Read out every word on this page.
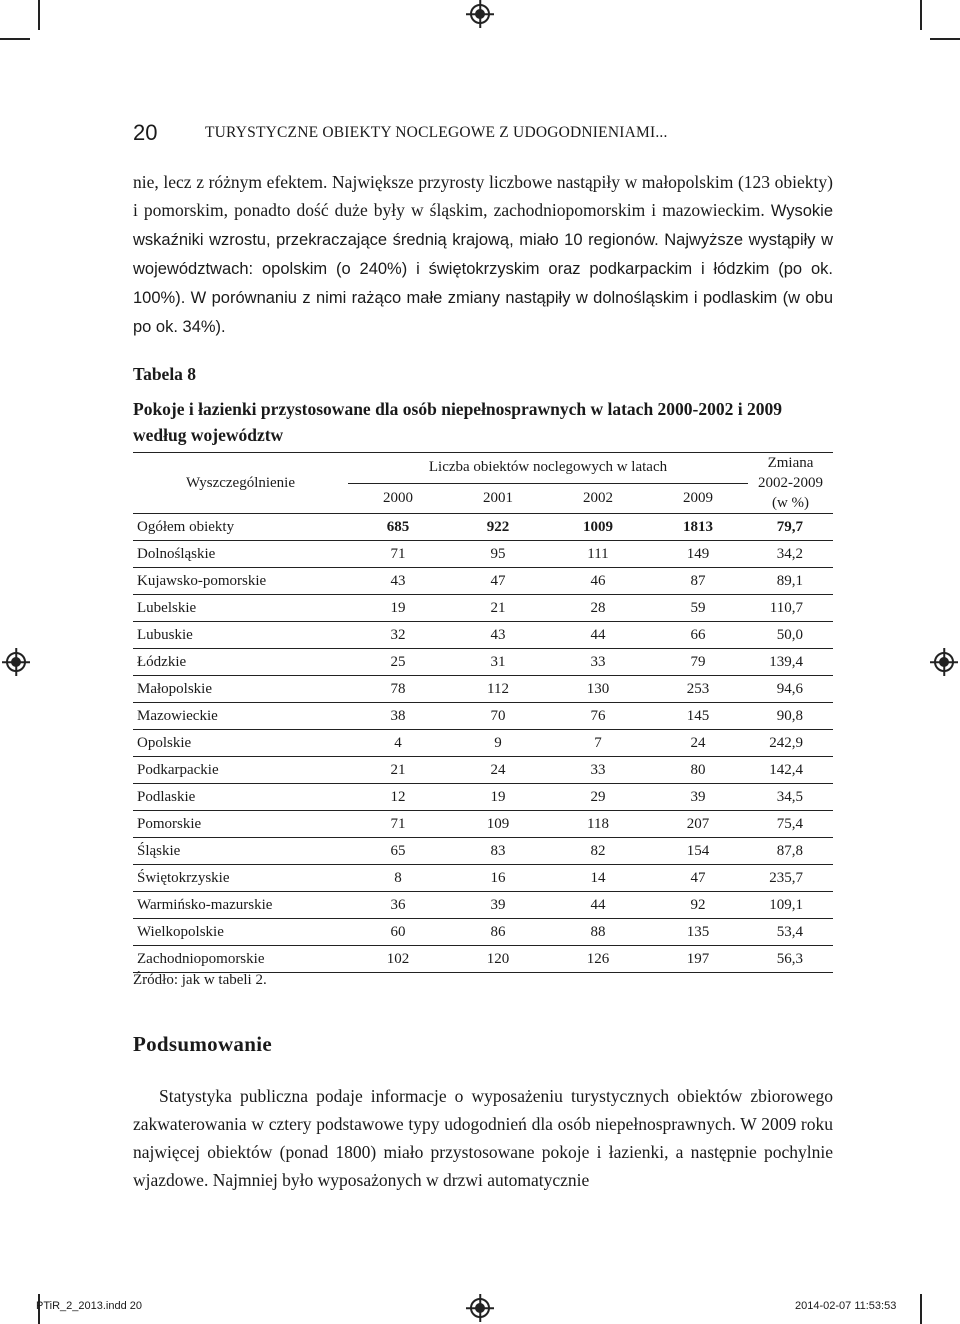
20	TURYSTYCZNE OBIEKTY NOCLEGOWE Z UDOGODNIENIAMI...

nie, lecz z różnym efektem. Największe przyrosty liczbowe nastąpiły w małopolskim (123 obiekty) i pomorskim, ponadto dość duże były w śląskim, zachodniopomorskim i mazowieckim. Wysokie wskaźniki wzrostu, przekraczające średnią krajową, miało 10 regionów. Najwyższe wystąpiły w województwach: opolskim (o 240%) i świętokrzyskim oraz podkarpackim i łódzkim (po ok. 100%). W porównaniu z nimi rażąco małe zmiany nastąpiły w dolnośląskim i podlaskim (w obu po ok. 34%).

Tabela 8

Pokoje i łazienki przystosowane dla osób niepełnosprawnych w latach 2000-2002 i 2009 według województw

Wyszczególnienie	Liczba obiektów noclegowych w latach				Zmiana
2002-2009
(w %)
	2000	2001	2002	2009	
Ogółem obiekty	685	922	1009	1813	79,7
Dolnośląskie	71	95	111	149	34,2
Kujawsko-pomorskie	43	47	46	87	89,1
Lubelskie	19	21	28	59	110,7
Lubuskie	32	43	44	66	50,0
Łódzkie	25	31	33	79	139,4
Małopolskie	78	112	130	253	94,6
Mazowieckie	38	70	76	145	90,8
Opolskie	4	9	7	24	242,9
Podkarpackie	21	24	33	80	142,4
Podlaskie	12	19	29	39	34,5
Pomorskie	71	109	118	207	75,4
Śląskie	65	83	82	154	87,8
Świętokrzyskie	8	16	14	47	235,7
Warmińsko-mazurskie	36	39	44	92	109,1
Wielkopolskie	60	86	88	135	53,4
Zachodniopomorskie	102	120	126	197	56,3
Źródło: jak w tabeli 2.
Podsumowanie

Statystyka publiczna podaje informacje o wyposażeniu turystycznych obiektów zbiorowego zakwaterowania w cztery podstawowe typy udogodnień dla osób niepełnosprawnych. W 2009 roku najwięcej obiektów (ponad 1800) miało przystosowane pokoje i łazienki, a następnie pochylnie wjazdowe. Najmniej było wyposażonych w drzwi automatycznie

PTiR_2_2013.indd 20	2014-02-07 11:53:53
